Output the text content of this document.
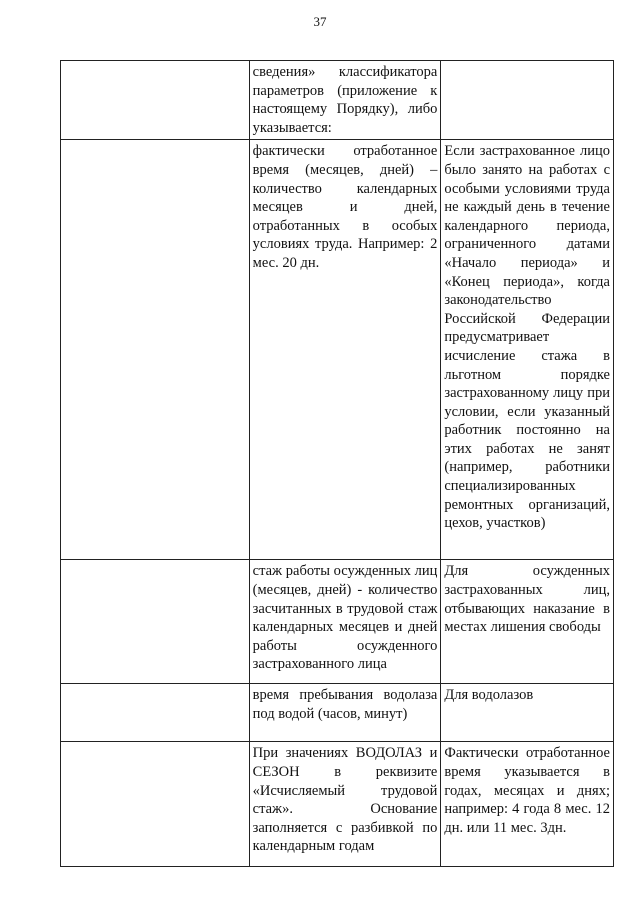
37
	сведения» классификатора параметров (приложение к настоящему Порядку), либо указывается:	
	фактически отработанное время (месяцев, дней) – количество календарных месяцев и дней, отработанных в особых условиях труда. Например: 2 мес. 20 дн.	Если застрахованное лицо было занято на работах с особыми условиями труда не каждый день в течение календарного периода, ограниченного датами «Начало периода» и «Конец периода», когда законодательство Российской Федерации предусматривает исчисление стажа в льготном порядке застрахованному лицу при условии, если указанный работник постоянно на этих работах не занят (например, работники специализированных ремонтных организаций, цехов, участков)
	стаж работы осужденных лиц (месяцев, дней) - количество засчитанных в трудовой стаж календарных месяцев и дней работы осужденного застрахованного лица	Для осужденных застрахованных лиц, отбывающих наказание в местах лишения свободы
	время пребывания водолаза под водой (часов, минут)	Для водолазов
	При значениях ВОДОЛАЗ и СЕЗОН в реквизите «Исчисляемый трудовой стаж». Основание заполняется с разбивкой по календарным годам	Фактически отработанное время указывается в годах, месяцах и днях; например: 4 года 8 мес. 12 дн. или 11 мес. 3дн.
